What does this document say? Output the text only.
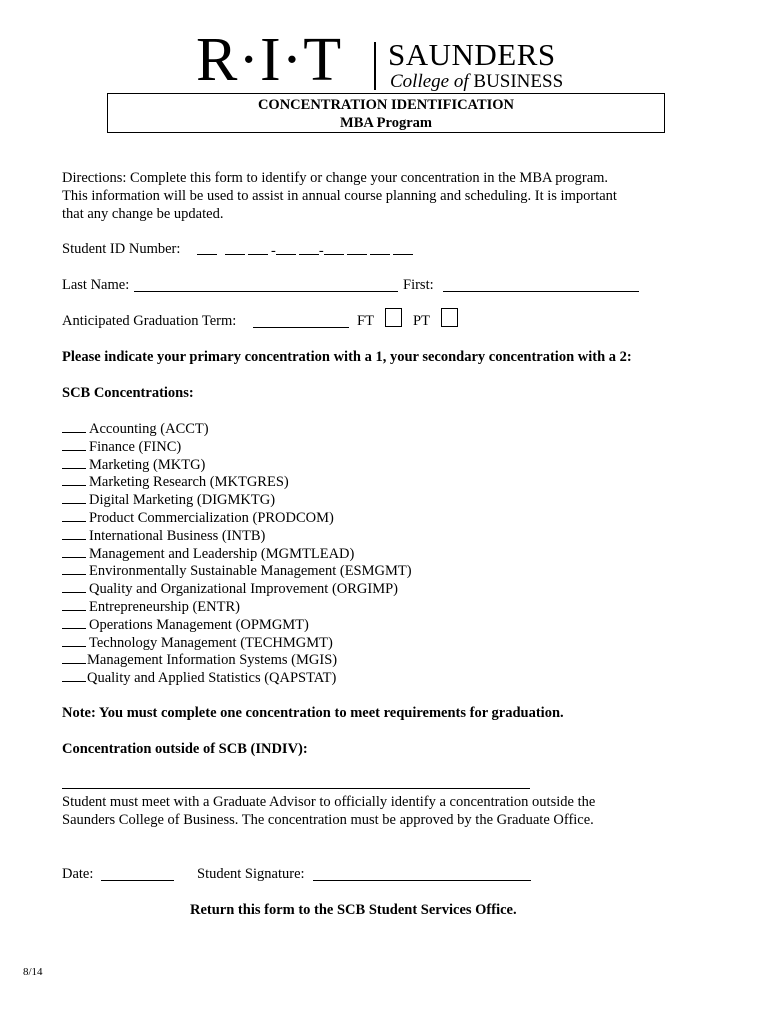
R·I·T SAUNDERS
College of BUSINESS
CONCENTRATION IDENTIFICATION
MBA Program
Directions: Complete this form to identify or change your concentration in the MBA program.
This information will be used to assist in annual course planning and scheduling. It is important
that any change be updated.
Student ID Number:	-	-
Last Name:	First:
Anticipated Graduation Term:	FT	PT
Please indicate your primary concentration with a 1, your secondary concentration with a 2:
SCB Concentrations:
Accounting (ACCT)
Finance (FINC)
Marketing (MKTG)
Marketing Research (MKTGRES)
Digital Marketing (DIGMKTG)
Product Commercialization (PRODCOM)
International Business (INTB)
Management and Leadership (MGMTLEAD)
Environmentally Sustainable Management (ESMGMT)
Quality and Organizational Improvement (ORGIMP)
Entrepreneurship (ENTR)
Operations Management (OPMGMT)
Technology Management (TECHMGMT)
Management Information Systems (MGIS)
Quality and Applied Statistics (QAPSTAT)
Note: You must complete one concentration to meet requirements for graduation.
Concentration outside of SCB (INDIV):
Student must meet with a Graduate Advisor to officially identify a concentration outside the
Saunders College of Business. The concentration must be approved by the Graduate Office.
Date:	Student Signature:
Return this form to the SCB Student Services Office.
8/14
